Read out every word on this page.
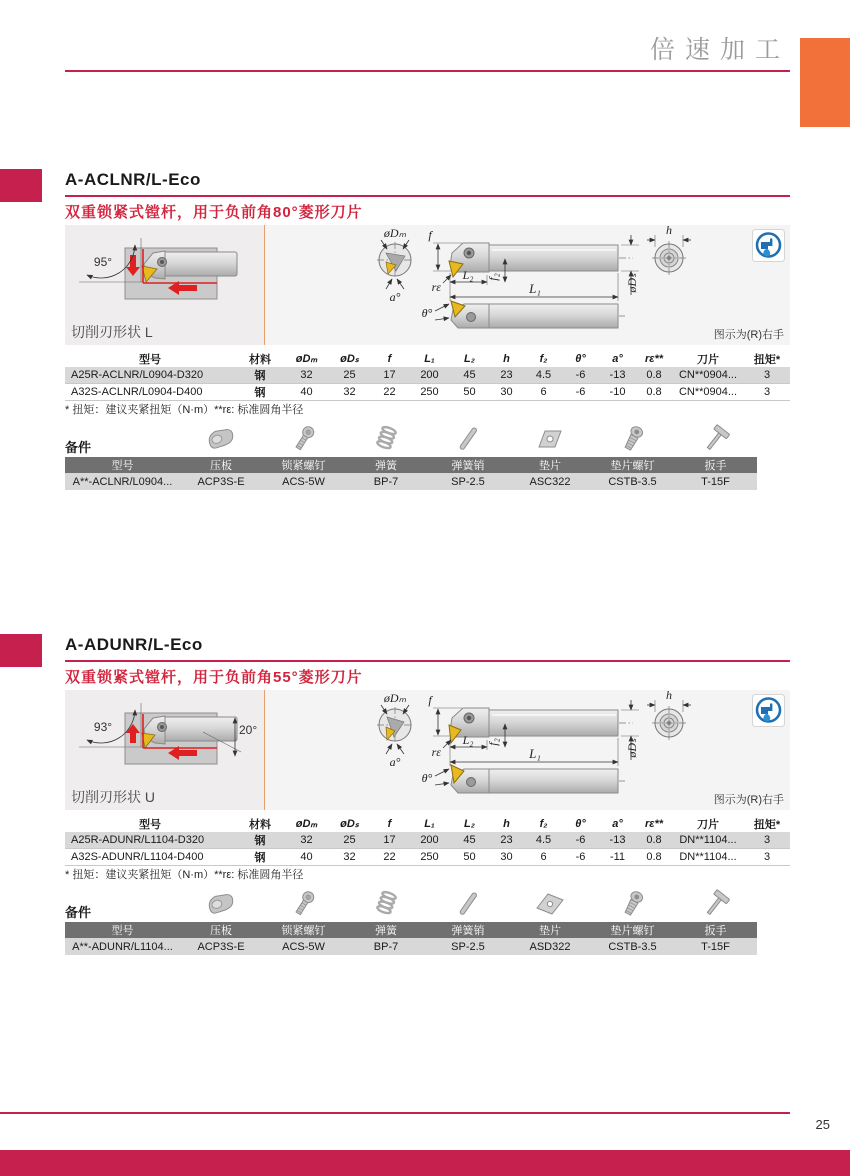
倍速加工
A-ACLNR/L-Eco
双重锁紧式镗杆，用于负前角80°菱形刀片
95°
øDₘ
a°
f
L₂ f₂
L₁	øDₛ
rε
h
θ°
切削刃形状 L	图示为(R)右手
型号	材料	øDₘ	øDₛ	f	L₁	L₂	h	f₂	θ°	a°	rε**	刀片	扭矩*
A25R-ACLNR/L0904-D320	钢	32	25	17	200	45	23	4.5	-6	-13	0.8	CN**0904...	3
A32S-ACLNR/L0904-D400	钢	40	32	22	250	50	30	6	-6	-10	0.8	CN**0904...	3
* 扭矩：建议夹紧扭矩（N·m）**rε: 标准圆角半径
备件							
型号	压板	锁紧螺钉	弹簧	弹簧销	垫片	垫片螺钉	扳手
A**-ACLNR/L0904...	ACP3S-E	ACS-5W	BP-7	SP-2.5	ASC322	CSTB-3.5	T-15F
A-ADUNR/L-Eco
双重锁紧式镗杆，用于负前角55°菱形刀片
93°	20°
øDₘ
a°
f
L₂ f₂
L₁	øDₛ
rε
h
θ°
切削刃形状 U	图示为(R)右手
型号	材料	øDₘ	øDₛ	f	L₁	L₂	h	f₂	θ°	a°	rε**	刀片	扭矩*
A25R-ADUNR/L1104-D320	钢	32	25	17	200	45	23	4.5	-6	-13	0.8	DN**1104...	3
A32S-ADUNR/L1104-D400	钢	40	32	22	250	50	30	6	-6	-11	0.8	DN**1104...	3
* 扭矩：建议夹紧扭矩（N·m）**rε: 标准圆角半径
备件							
型号	压板	锁紧螺钉	弹簧	弹簧销	垫片	垫片螺钉	扳手
A**-ADUNR/L1104...	ACP3S-E	ACS-5W	BP-7	SP-2.5	ASD322	CSTB-3.5	T-15F
25
